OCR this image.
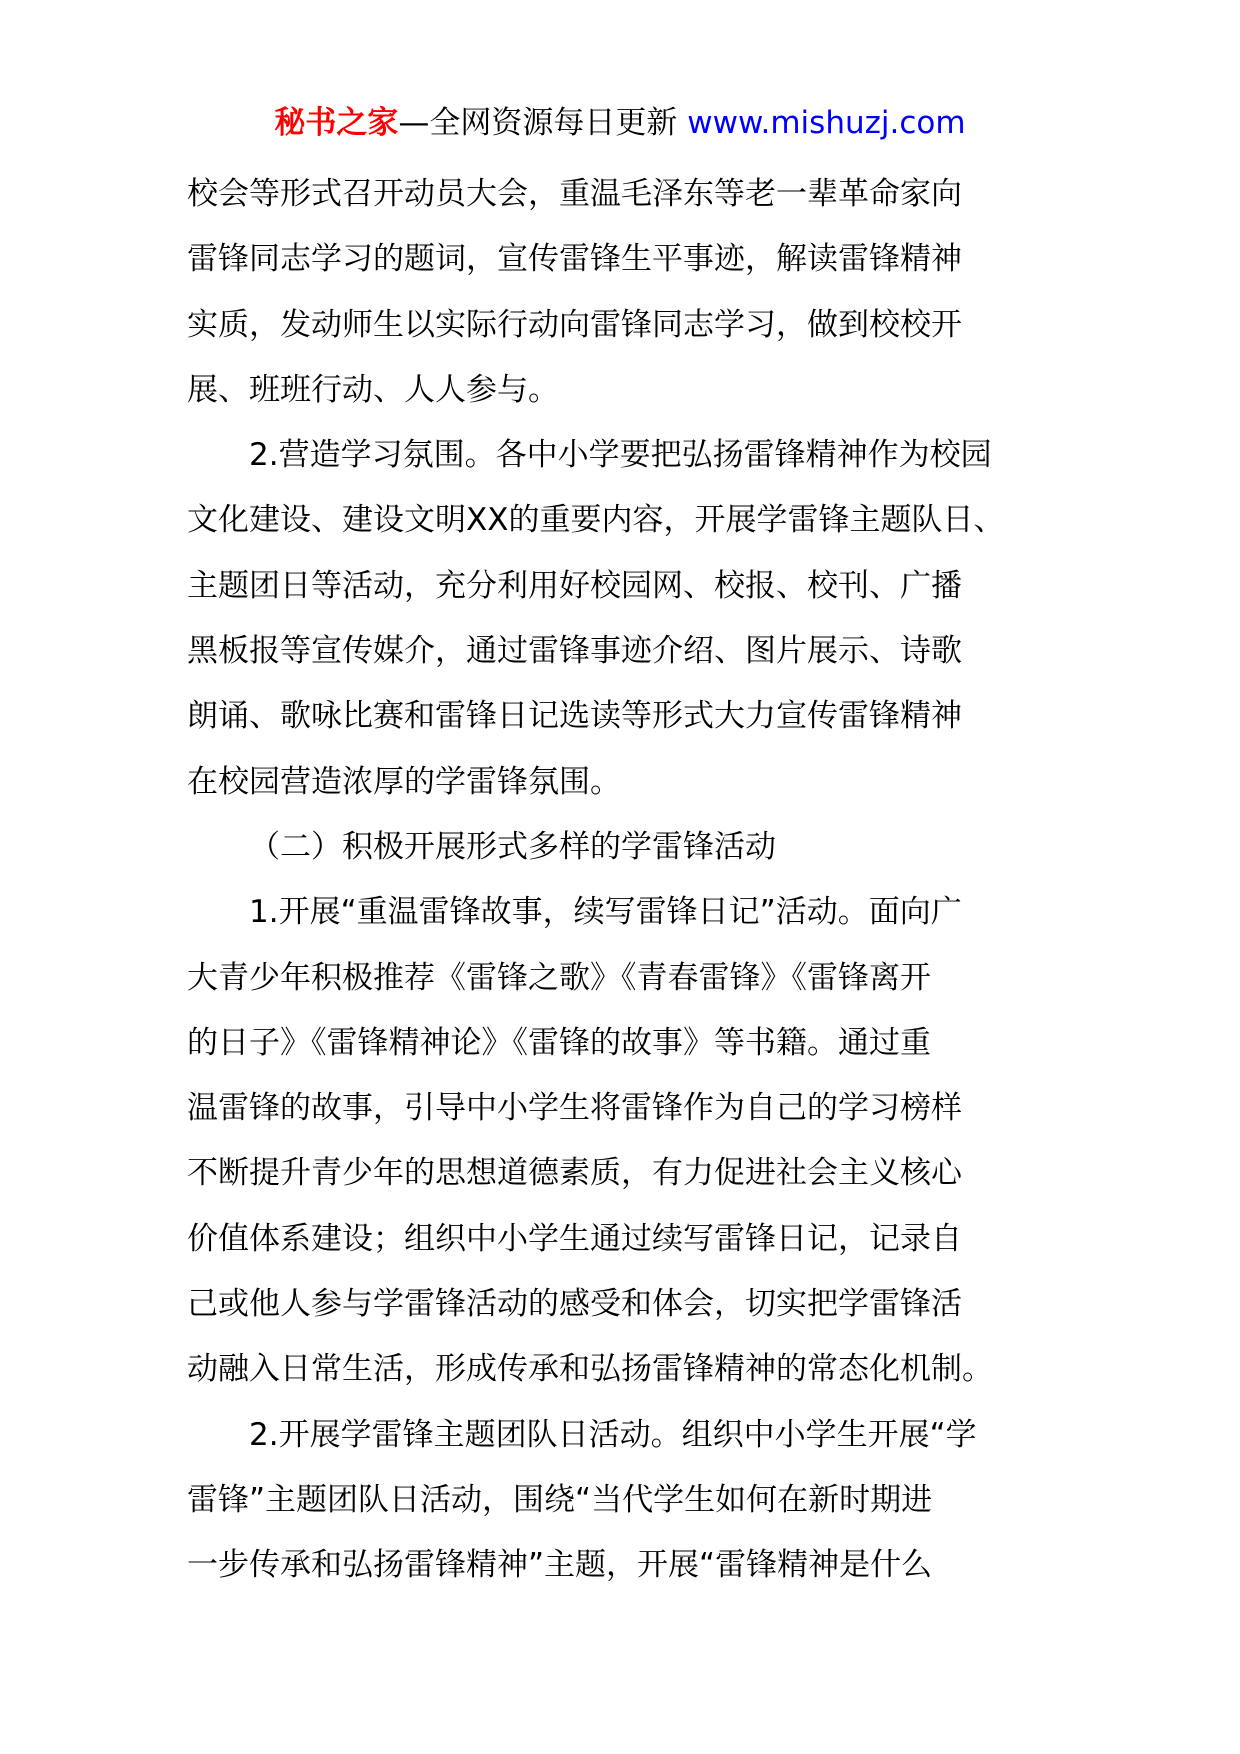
秘书之家—全网资源每日更新 www.mishuzj.com
校会等形式召开动员大会，重温毛泽东等老一辈革命家向
雷锋同志学习的题词，宣传雷锋生平事迹，解读雷锋精神
实质，发动师生以实际行动向雷锋同志学习，做到校校开
展、班班行动、人人参与。
2.营造学习氛围。各中小学要把弘扬雷锋精神作为校园
文化建设、建设文明XX的重要内容，开展学雷锋主题队日、
主题团日等活动，充分利用好校园网、校报、校刊、广播
黑板报等宣传媒介，通过雷锋事迹介绍、图片展示、诗歌
朗诵、歌咏比赛和雷锋日记选读等形式大力宣传雷锋精神
在校园营造浓厚的学雷锋氛围。
（二）积极开展形式多样的学雷锋活动
1.开展“重温雷锋故事，续写雷锋日记”活动。面向广
大青少年积极推荐《雷锋之歌》《青春雷锋》《雷锋离开
的日子》《雷锋精神论》《雷锋的故事》等书籍。通过重
温雷锋的故事，引导中小学生将雷锋作为自己的学习榜样
不断提升青少年的思想道德素质，有力促进社会主义核心
价值体系建设；组织中小学生通过续写雷锋日记，记录自
己或他人参与学雷锋活动的感受和体会，切实把学雷锋活
动融入日常生活，形成传承和弘扬雷锋精神的常态化机制。
2.开展学雷锋主题团队日活动。组织中小学生开展“学
雷锋”主题团队日活动，围绕“当代学生如何在新时期进
一步传承和弘扬雷锋精神”主题，开展“雷锋精神是什么
